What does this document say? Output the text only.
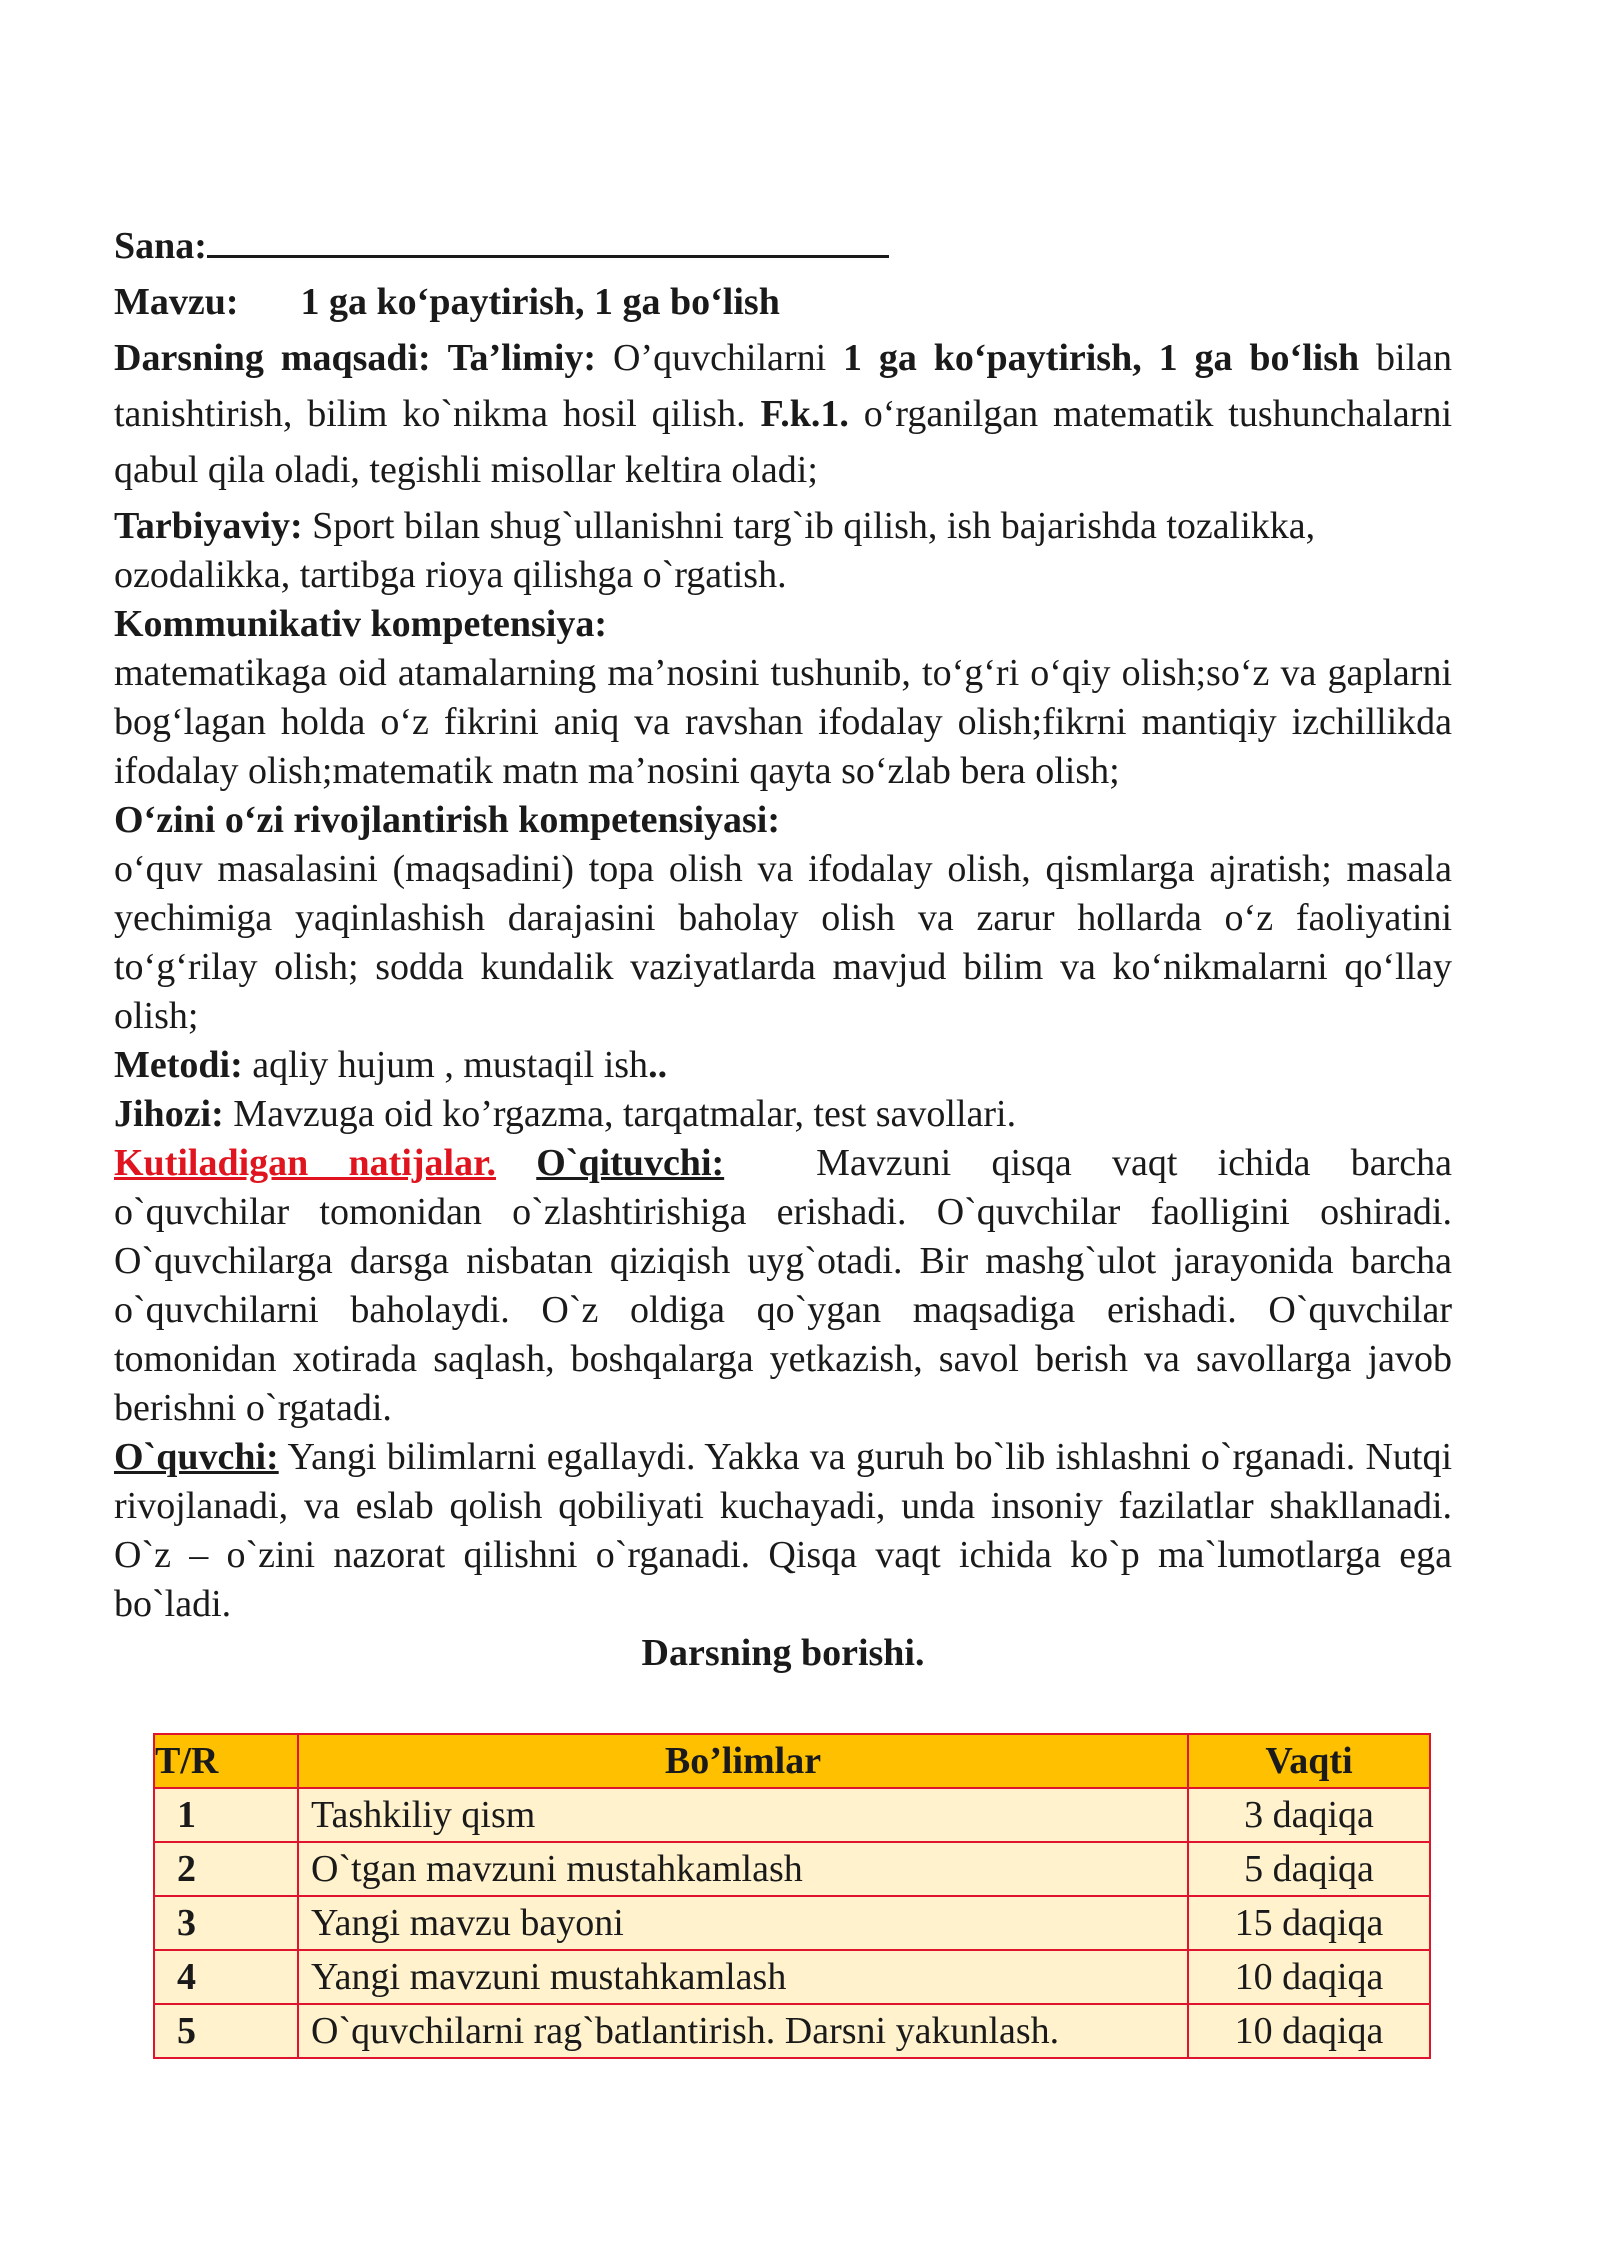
Sana:

Mavzu: 1 ga ko‘paytirish, 1 ga bo‘lish

Darsning maqsadi: Ta’limiy: O’quvchilarni 1 ga ko‘paytirish, 1 ga bo‘lish bilan tanishtirish, bilim ko`nikma hosil qilish. F.k.1. o‘rganilgan matematik tushunchalarni qabul qila oladi, tegishli misollar keltira oladi;

Tarbiyaviy: Sport bilan shug`ullanishni targ`ib qilish, ish bajarishda tozalikka, ozodalikka, tartibga rioya qilishga o`rgatish.

Kommunikativ kompetensiya:

matematikaga oid atamalarning ma’nosini tushunib, to‘g‘ri o‘qiy olish;so‘z va gaplarni bog‘lagan holda o‘z fikrini aniq va ravshan ifodalay olish;fikrni mantiqiy izchillikda ifodalay olish;matematik matn ma’nosini qayta so‘zlab bera olish;

O‘zini o‘zi rivojlantirish kompetensiyasi:

o‘quv masalasini (maqsadini) topa olish va ifodalay olish, qismlarga ajratish; masala yechimiga yaqinlashish darajasini baholay olish va zarur hollarda o‘z faoliyatini to‘g‘rilay olish; sodda kundalik vaziyatlarda mavjud bilim va ko‘nikmalarni qo‘llay olish;

Metodi: aqliy hujum , mustaqil ish..

Jihozi: Mavzuga oid ko’rgazma, tarqatmalar, test savollari.

Kutiladigan natijalar. O`qituvchi: Mavzuni qisqa vaqt ichida barcha o`quvchilar tomonidan o`zlashtirishiga erishadi. O`quvchilar faolligini oshiradi. O`quvchilarga darsga nisbatan qiziqish uyg`otadi. Bir mashg`ulot jarayonida barcha o`quvchilarni baholaydi. O`z oldiga qo`ygan maqsadiga erishadi. O`quvchilar tomonidan xotirada saqlash, boshqalarga yetkazish, savol berish va savollarga javob berishni o`rgatadi.

O`quvchi: Yangi bilimlarni egallaydi. Yakka va guruh bo`lib ishlashni o`rganadi. Nutqi rivojlanadi, va eslab qolish qobiliyati kuchayadi, unda insoniy fazilatlar shakllanadi. O`z – o`zini nazorat qilishni o`rganadi. Qisqa vaqt ichida ko`p ma`lumotlarga ega bo`ladi.

Darsning borishi.

T/R	Bo’limlar	Vaqti
1	Tashkiliy qism	3 daqiqa
2	O`tgan mavzuni mustahkamlash	5 daqiqa
3	Yangi mavzu bayoni	15 daqiqa
4	Yangi mavzuni mustahkamlash	10 daqiqa
5	O`quvchilarni rag`batlantirish. Darsni yakunlash.	10 daqiqa
